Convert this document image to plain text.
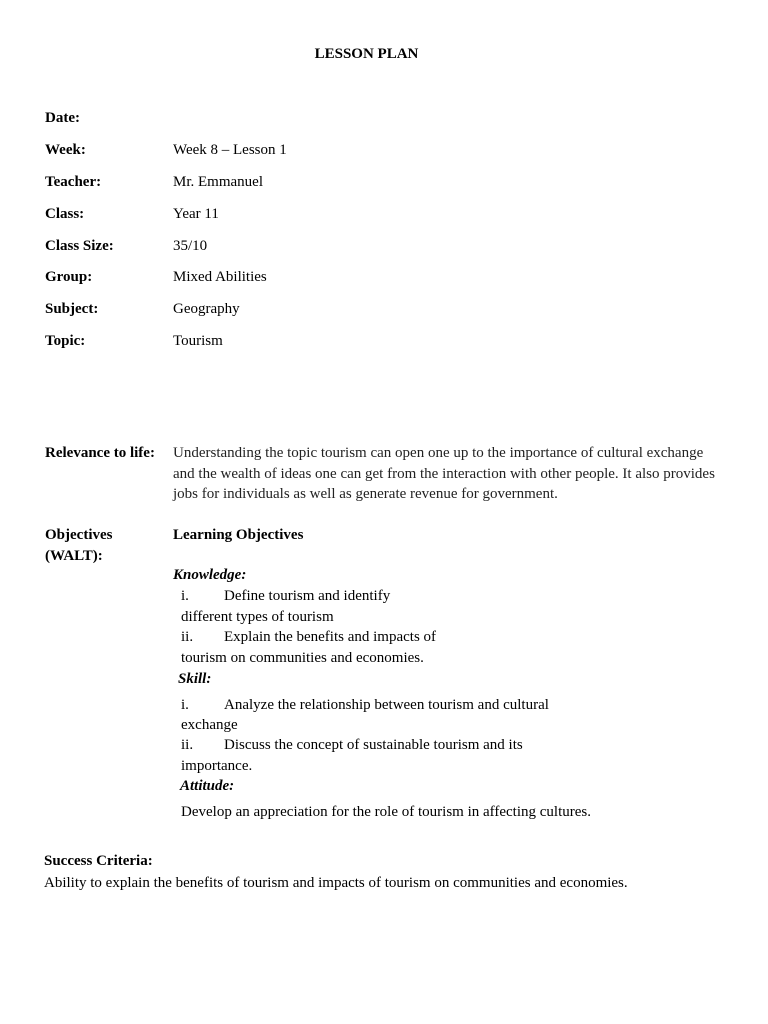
LESSON PLAN
Date:
Week:	Week 8 – Lesson 1
Teacher:	Mr. Emmanuel
Class:	Year 11
Class Size:	35/10
Group:	Mixed Abilities
Subject:	Geography
Topic:	Tourism
Relevance to life: Understanding the topic tourism can open one up to the importance of cultural exchange and the wealth of ideas one can get from the interaction with other people. It also provides jobs for individuals as well as generate revenue for government.
Objectives
(WALT):
Learning Objectives
Knowledge:
i. Define tourism and identify
different types of tourism
ii. Explain the benefits and impacts of
tourism on communities and economies.
Skill:
i. Analyze the relationship between tourism and cultural
exchange
ii. Discuss the concept of sustainable tourism and its
importance.
Attitude:
Develop an appreciation for the role of tourism in affecting cultures.
Success Criteria:
Ability to explain the benefits of tourism and impacts of tourism on communities and economies.
